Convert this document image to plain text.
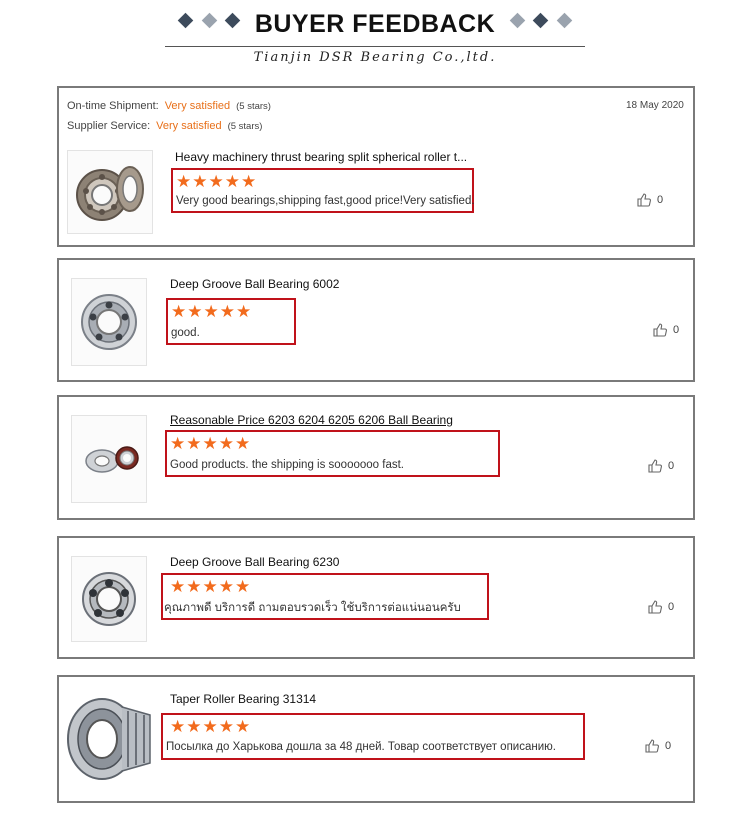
BUYER FEEDBACK
Tianjin DSR Bearing Co.,ltd.
On-time Shipment: Very satisfied (5 stars)
Supplier Service: Very satisfied (5 stars)
18 May 2020
Heavy machinery thrust bearing split spherical roller t...
★★★★★
Very good bearings,shipping fast,good price!Very satisfied.	0
Deep Groove Ball Bearing 6002
★★★★★
good.	0
Reasonable Price 6203 6204 6205 6206 Ball Bearing
★★★★★
Good products. the shipping is sooooooo fast.	0
Deep Groove Ball Bearing 6230
★★★★★
คุณภาพดี บริการดี ถามตอบรวดเร็ว ใช้บริการต่อแน่นอนครับ	0
Taper Roller Bearing 31314
★★★★★
Посылка до Харькова дошла за 48 дней. Товар соответствует описанию.	0
